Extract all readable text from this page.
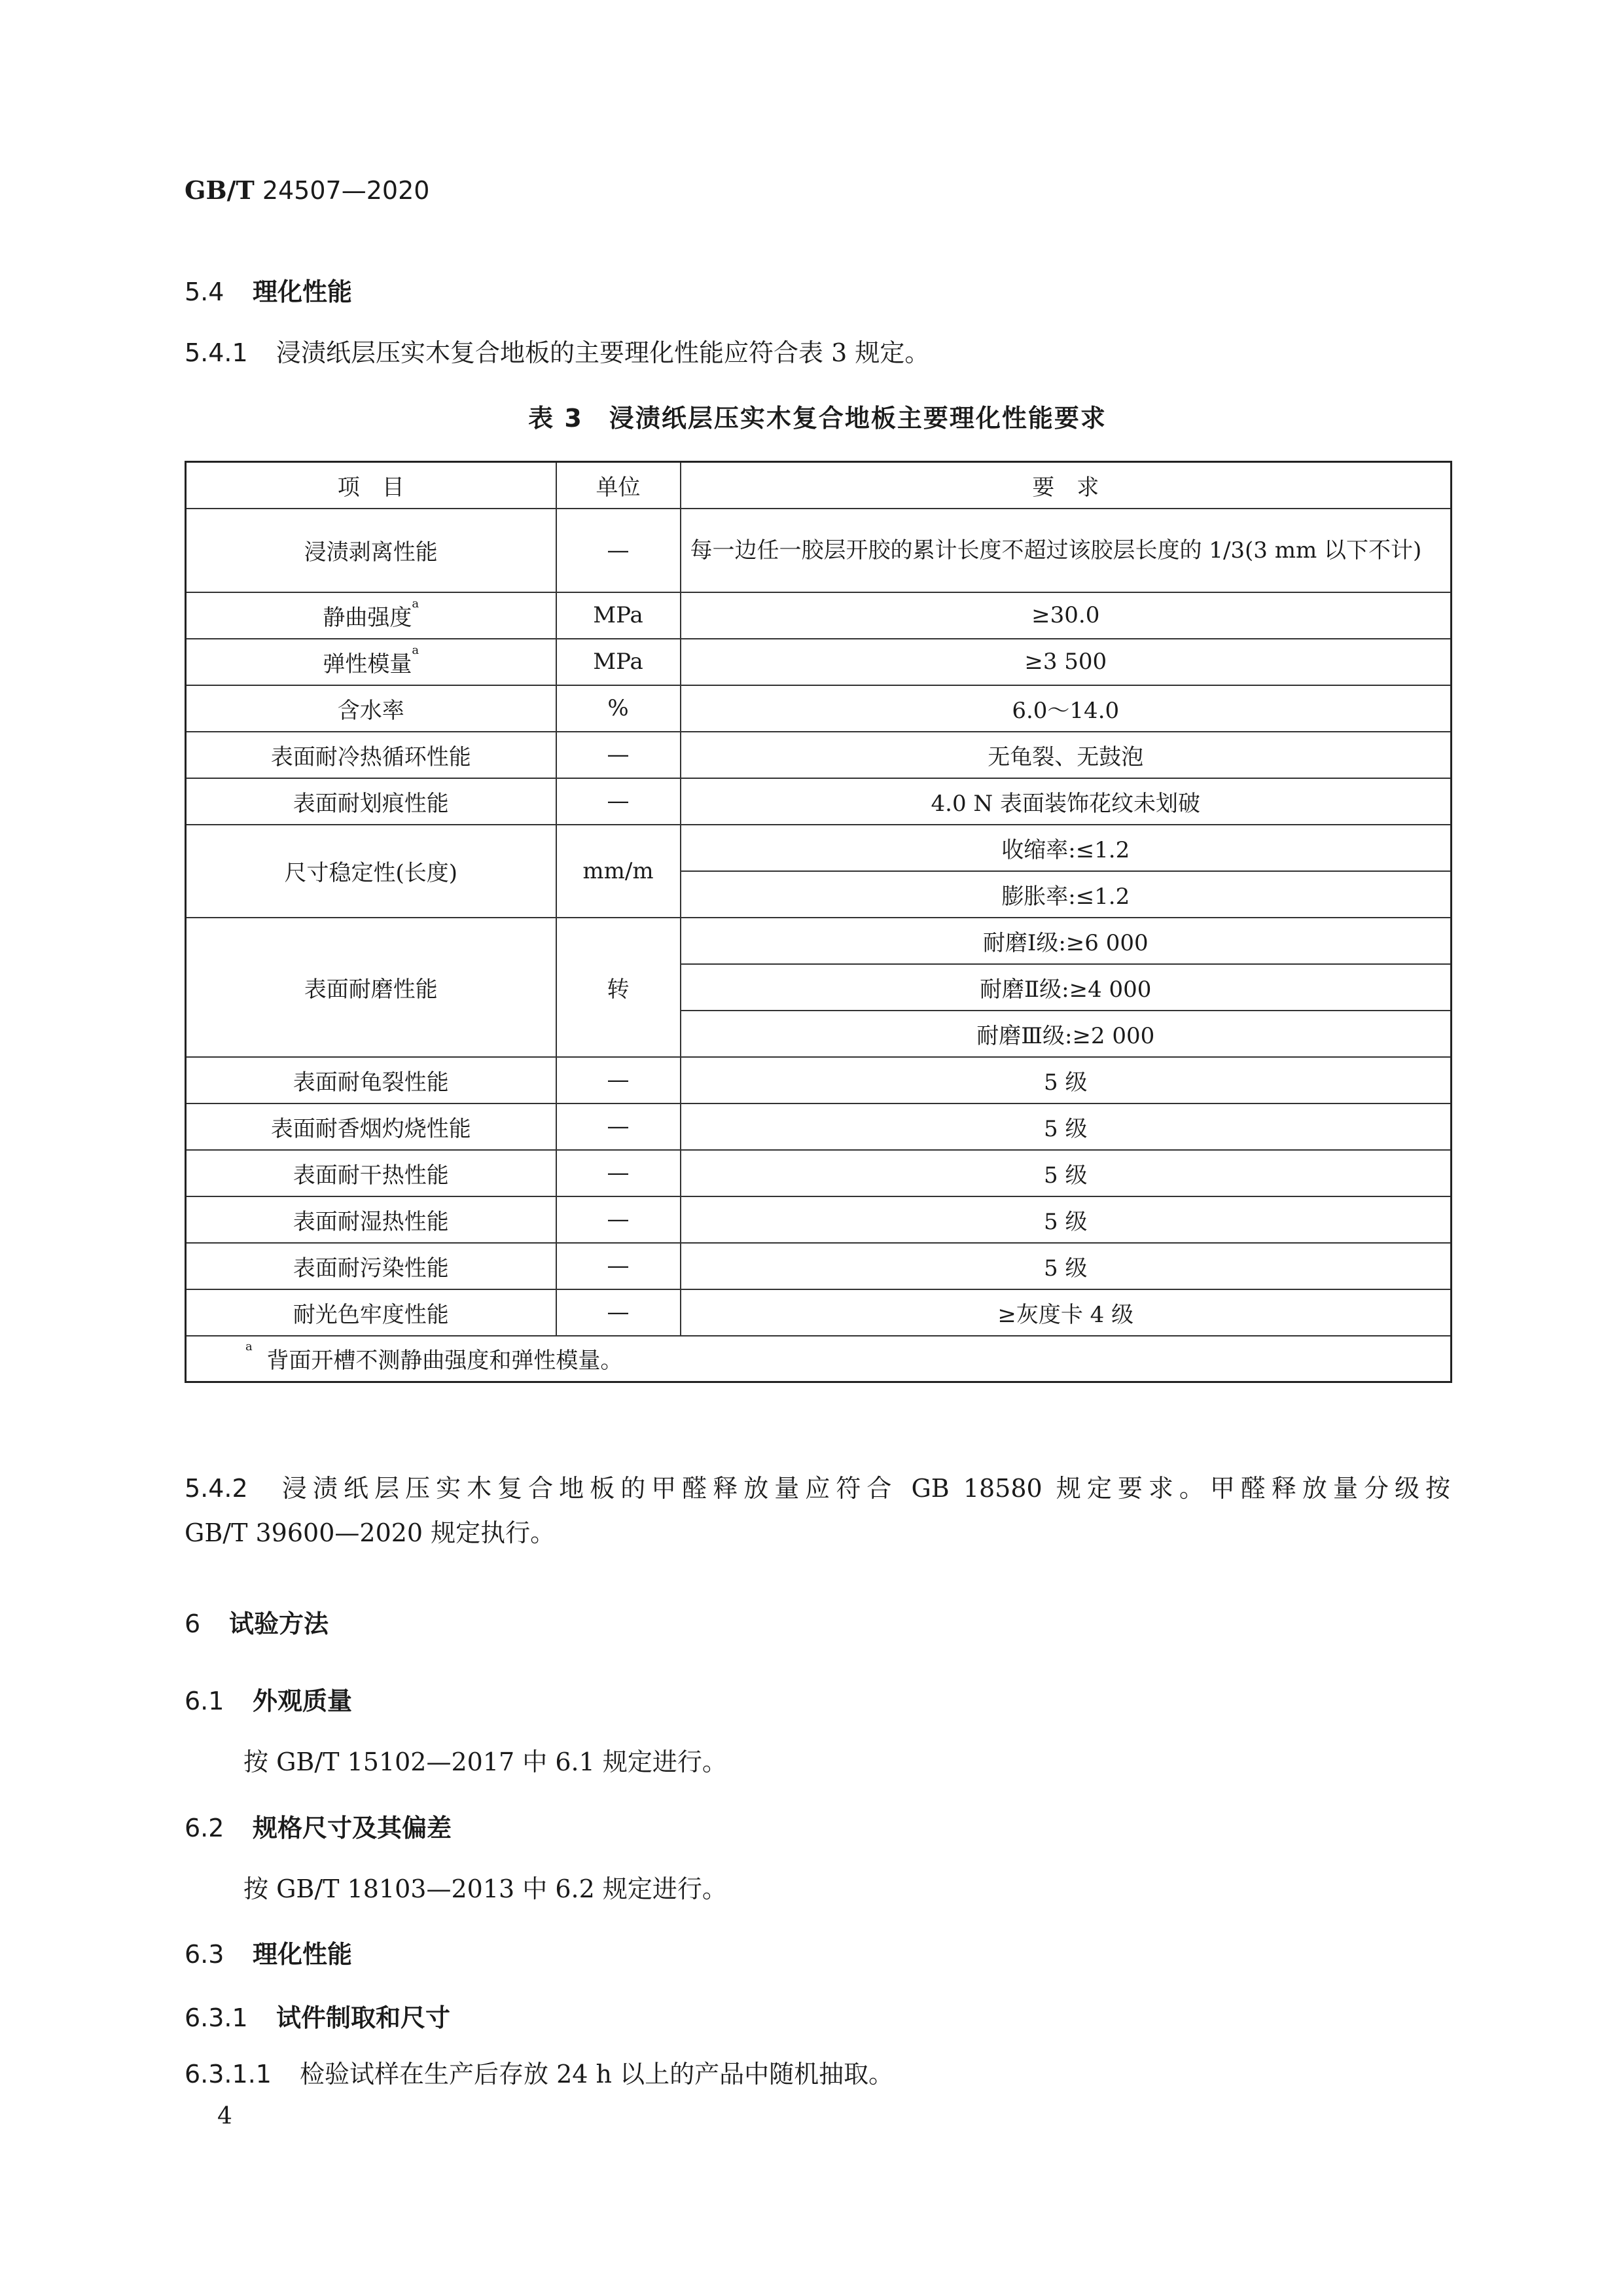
GB/T 24507—2020
5.4 理化性能
5.4.1 浸渍纸层压实木复合地板的主要理化性能应符合表 3 规定。
表 3　浸渍纸层压实木复合地板主要理化性能要求
项　目	单位	要　求
浸渍剥离性能	—	每一边任一胶层开胶的累计长度不超过该胶层长度的 1/3(3 mm 以下不计)
静曲强度$^a$	MPa	≥30.0
弹性模量$^a$	MPa	≥3 500
含水率	%	6.0～14.0
表面耐冷热循环性能	—	无龟裂、无鼓泡
表面耐划痕性能	—	4.0 N 表面装饰花纹未划破
尺寸稳定性(长度)	mm/m	收缩率:≤1.2
		膨胀率:≤1.2
表面耐磨性能	转	耐磨Ⅰ级:≥6 000
		耐磨Ⅱ级:≥4 000
		耐磨Ⅲ级:≥2 000
表面耐龟裂性能	—	5 级
表面耐香烟灼烧性能	—	5 级
表面耐干热性能	—	5 级
表面耐湿热性能	—	5 级
表面耐污染性能	—	5 级
耐光色牢度性能	—	≥灰度卡 4 级
$^a$  背面开槽不测静曲强度和弹性模量。		
5.4.2 浸渍纸层压实木复合地板的甲醛释放量应符合 GB 18580 规定要求。甲醛释放量分级按
GB/T 39600—2020 规定执行。
6 试验方法
6.1 外观质量
按 GB/T 15102—2017 中 6.1 规定进行。
6.2 规格尺寸及其偏差
按 GB/T 18103—2013 中 6.2 规定进行。
6.3 理化性能
6.3.1 试件制取和尺寸
6.3.1.1 检验试样在生产后存放 24 h 以上的产品中随机抽取。
4
